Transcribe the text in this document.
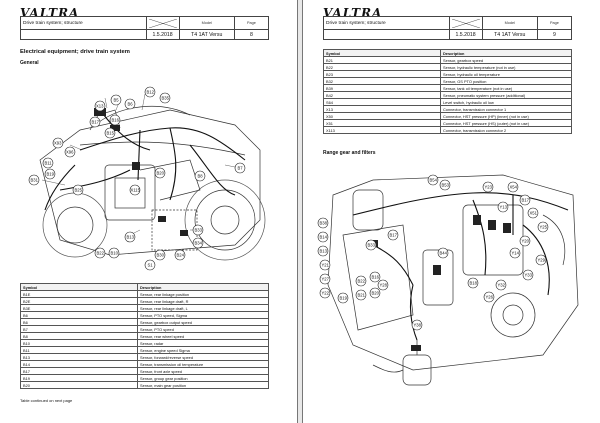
VALTRA
Drive train system; structure		Model	Page

	1.5.2018	T4 1AT Versu	8
Electrical equipment; drive train system
General
B12
X13
B5
B6
B35
B16
B17
B15
X93
X96
B11
B31
B19
B25	X115
B13
B20
B7
B8
B33
B34
B24
B30
B22 B10
S1
Symbol	Description
B1E	Sensor, rear linkage position
B2E	Sensor, rear linkage draft, R
B3E	Sensor, rear linkage draft, L
B6	Sensor, PTO speed, Sigma
B6	Sensor, gearbox output speed
B7	Sensor, PTO speed
B8	Sensor, rear wheel speed
B10	Sensor, radar
B11	Sensor, engine speed Sigma
B13	Sensor, forward/reverse speed
B14	Sensor, transmission oil temperature
B17	Sensor, front axle speed
B19	Sensor, group gear position
B20	Sensor, main gear position
Table continued on next page
VALTRA
Drive train system; structure		Model	Page

	1.5.2018	T4 1AT Versu	9
Symbol	Description
B21	Sensor, gearbox speed
B22	Sensor, hydraulic temperature (not in use)
B23	Sensor, hydraulic oil temperature
B32	Sensor, GS PTO position
B39	Sensor, tank oil temperature (not in use)
B42	Sensor, pneumatic system pressure (additional)
S64	Level switch, hydraulic oil low
X13	Connector, transmission connector 1
X50	Connector, HST pressure (HP) (inner) (not in use)
X51	Connector, HST pressure (HS) (outer) (not in use)
X113	Connector, transmission connector 2
Range gear and filters
B38
B14
B13
B33
Y21
Y27
Y22	B21 B20
B19
B16
B22
B17
Y28
B54
B53
Y13
Y23	X54
B17
X51
Y25
Y20
Y14
B44
B18
Y38
Y32
Y33
Y29
Y26
